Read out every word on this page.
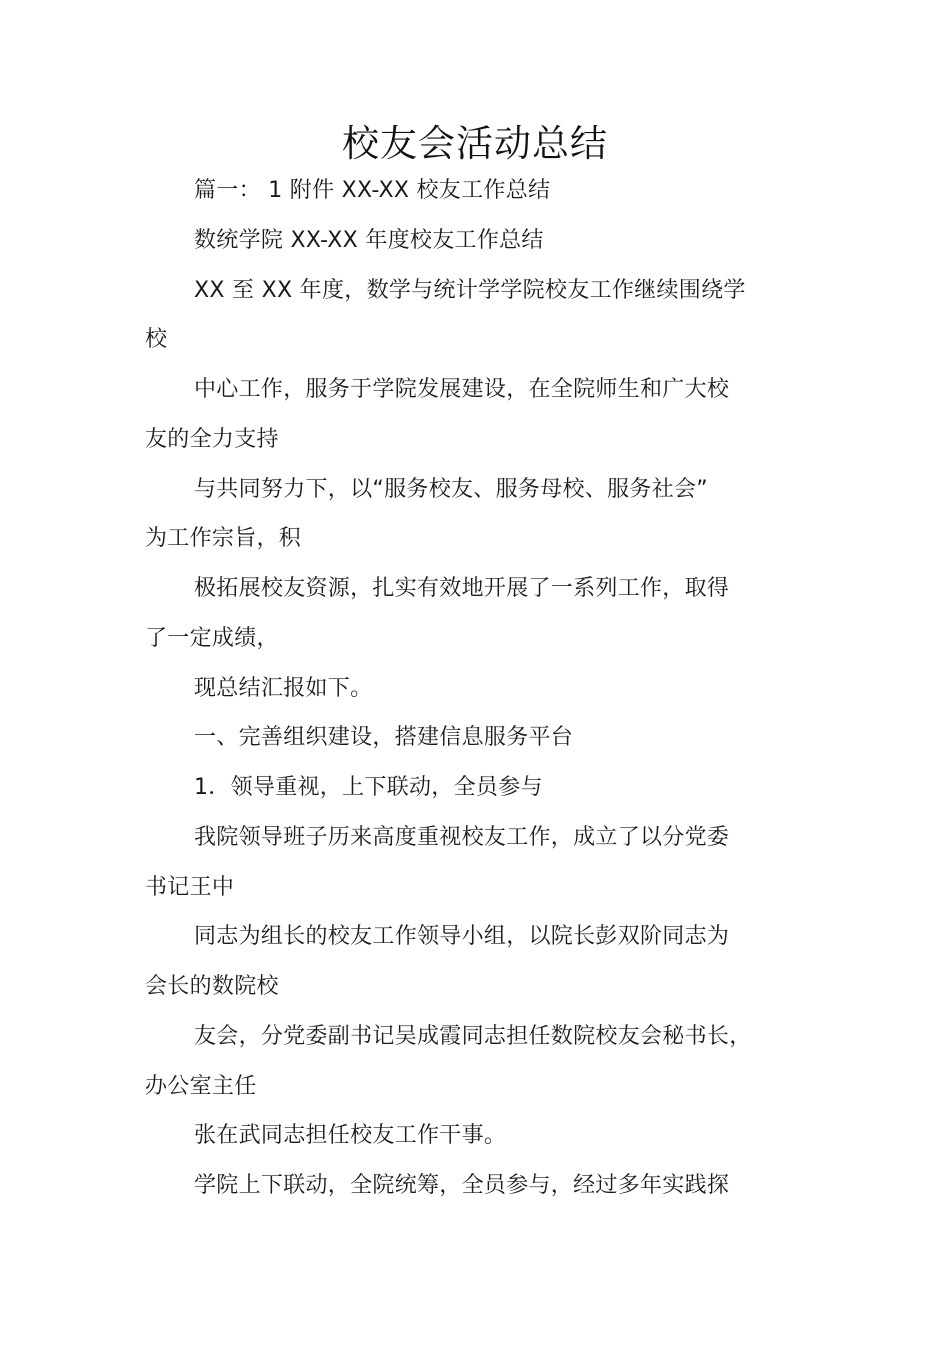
校友会活动总结
篇一： 1 附件 XX-XX 校友工作总结
数统学院 XX-XX 年度校友工作总结
XX 至 XX 年度，数学与统计学学院校友工作继续围绕学
校
中心工作，服务于学院发展建设，在全院师生和广大校
友的全力支持
与共同努力下，以“服务校友、服务母校、服务社会”
为工作宗旨，积
极拓展校友资源，扎实有效地开展了一系列工作，取得
了一定成绩，
现总结汇报如下。
一、完善组织建设，搭建信息服务平台
1．领导重视，上下联动，全员参与
我院领导班子历来高度重视校友工作，成立了以分党委
书记王中
同志为组长的校友工作领导小组，以院长彭双阶同志为
会长的数院校
友会，分党委副书记吴成霞同志担任数院校友会秘书长，
办公室主任
张在武同志担任校友工作干事。
学院上下联动，全院统筹，全员参与，经过多年实践探
